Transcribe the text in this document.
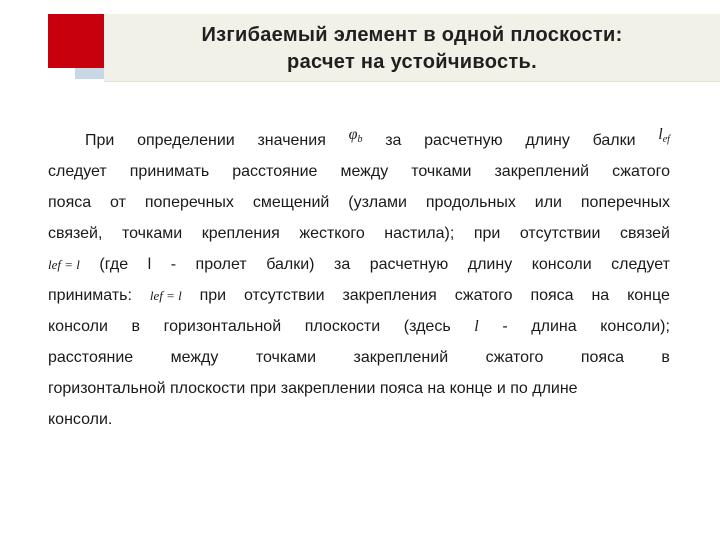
Изгибаемый элемент в одной плоскости:
расчет на устойчивость.
При определении значения $\varphi_b$ за расчетную длину балки $l_{ef}$
следует принимать расстояние между точками закреплений сжатого
пояса от поперечных смещений (узлами продольных или поперечных
связей, точками крепления жесткого настила); при отсутствии связей
lef = l (где l - пролет балки) за расчетную длину консоли следует
принимать: lef = l при отсутствии закрепления сжатого пояса на конце
консоли в горизонтальной плоскости (здесь l - длина консоли);
расстояние между точками закреплений сжатого пояса в
горизонтальной плоскости при закреплении пояса на конце и по длине
консоли.
